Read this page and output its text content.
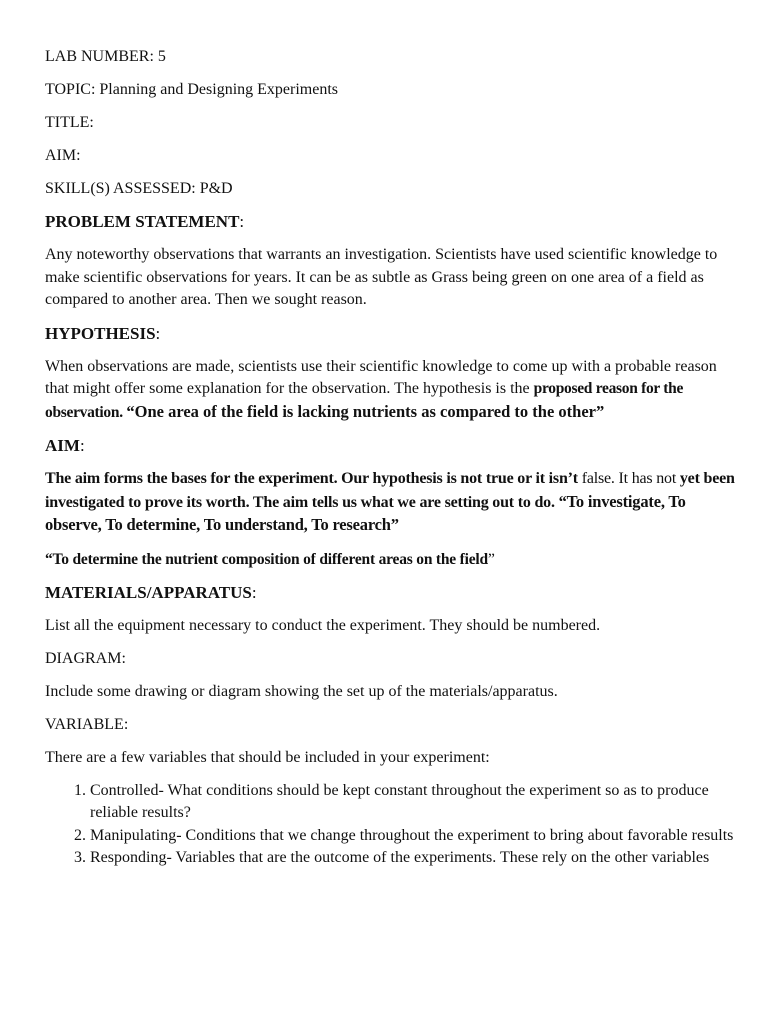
LAB NUMBER: 5
TOPIC: Planning and Designing Experiments
TITLE:
AIM:
SKILL(S) ASSESSED: P&D
PROBLEM STATEMENT:
Any noteworthy observations that warrants an investigation. Scientists have used scientific knowledge to make scientific observations for years. It can be as subtle as Grass being green on one area of a field as compared to another area. Then we sought reason.
HYPOTHESIS:
When observations are made, scientists use their scientific knowledge to come up with a probable reason that might offer some explanation for the observation. The hypothesis is the proposed reason for the observation. “One area of the field is lacking nutrients as compared to the other”
AIM:
The aim forms the bases for the experiment. Our hypothesis is not true or it isn’t false. It has not yet been investigated to prove its worth. The aim tells us what we are setting out to do. “To investigate, To observe, To determine, To understand, To research”
“To determine the nutrient composition of different areas on the field”
MATERIALS/APPARATUS:
List all the equipment necessary to conduct the experiment. They should be numbered.
DIAGRAM:
Include some drawing or diagram showing the set up of the materials/apparatus.
VARIABLE:
There are a few variables that should be included in your experiment:
1. Controlled- What conditions should be kept constant throughout the experiment so as to produce reliable results?
2. Manipulating- Conditions that we change throughout the experiment to bring about favorable results
3. Responding- Variables that are the outcome of the experiments. These rely on the other variables
